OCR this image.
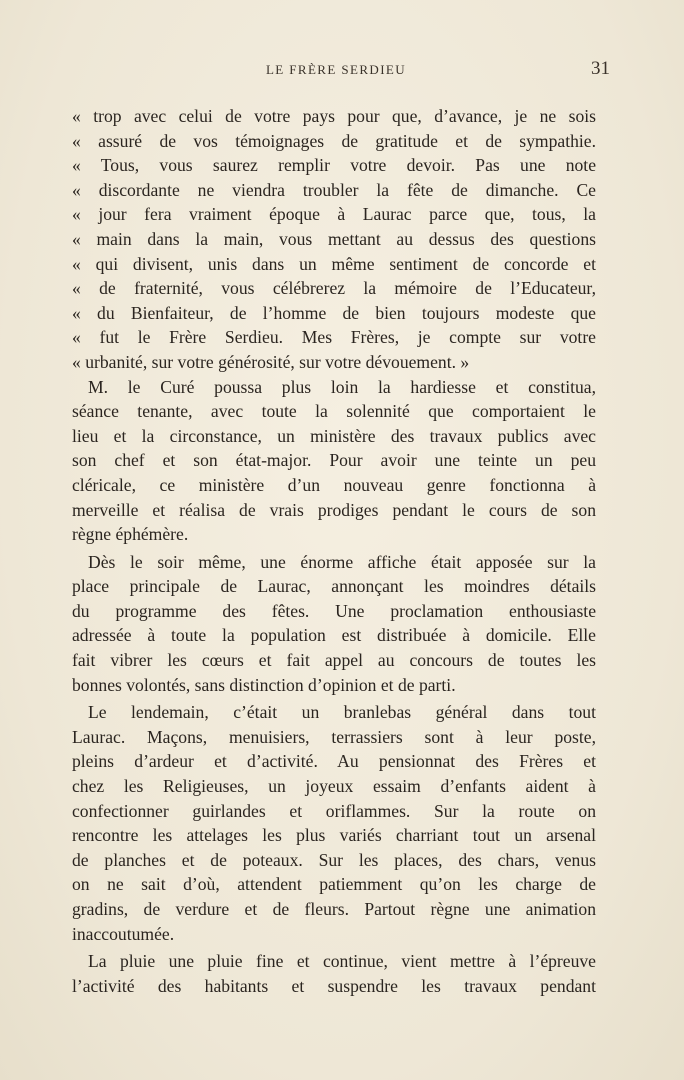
LE FRÈRE SERDIEU	31
« trop avec celui de votre pays pour que, d’avance, je ne sois
« assuré de vos témoignages de gratitude et de sympathie.
« Tous, vous saurez remplir votre devoir. Pas une note
« discordante ne viendra troubler la fête de dimanche. Ce
« jour fera vraiment époque à Laurac parce que, tous, la
« main dans la main, vous mettant au dessus des questions
« qui divisent, unis dans un même sentiment de concorde et
« de fraternité, vous célébrerez la mémoire de l’Educateur,
« du Bienfaiteur, de l’homme de bien toujours modeste que
« fut le Frère Serdieu. Mes Frères, je compte sur votre
« urbanité, sur votre générosité, sur votre dévouement. »
M. le Curé poussa plus loin la hardiesse et constitua,
séance tenante, avec toute la solennité que comportaient le
lieu et la circonstance, un ministère des travaux publics avec
son chef et son état-major. Pour avoir une teinte un peu
cléricale, ce ministère d’un nouveau genre fonctionna à
merveille et réalisa de vrais prodiges pendant le cours de son
règne éphémère.
Dès le soir même, une énorme affiche était apposée sur la
place principale de Laurac, annonçant les moindres détails
du programme des fêtes. Une proclamation enthousiaste
adressée à toute la population est distribuée à domicile. Elle
fait vibrer les cœurs et fait appel au concours de toutes les
bonnes volontés, sans distinction d’opinion et de parti.
Le lendemain, c’était un branlebas général dans tout
Laurac. Maçons, menuisiers, terrassiers sont à leur poste,
pleins d’ardeur et d’activité. Au pensionnat des Frères et
chez les Religieuses, un joyeux essaim d’enfants aident à
confectionner guirlandes et oriflammes. Sur la route on
rencontre les attelages les plus variés charriant tout un arsenal
de planches et de poteaux. Sur les places, des chars, venus
on ne sait d’où, attendent patiemment qu’on les charge de
gradins, de verdure et de fleurs. Partout règne une animation
inaccoutumée.
La pluie une pluie fine et continue, vient mettre à l’épreuve
l’activité des habitants et suspendre les travaux pendant
